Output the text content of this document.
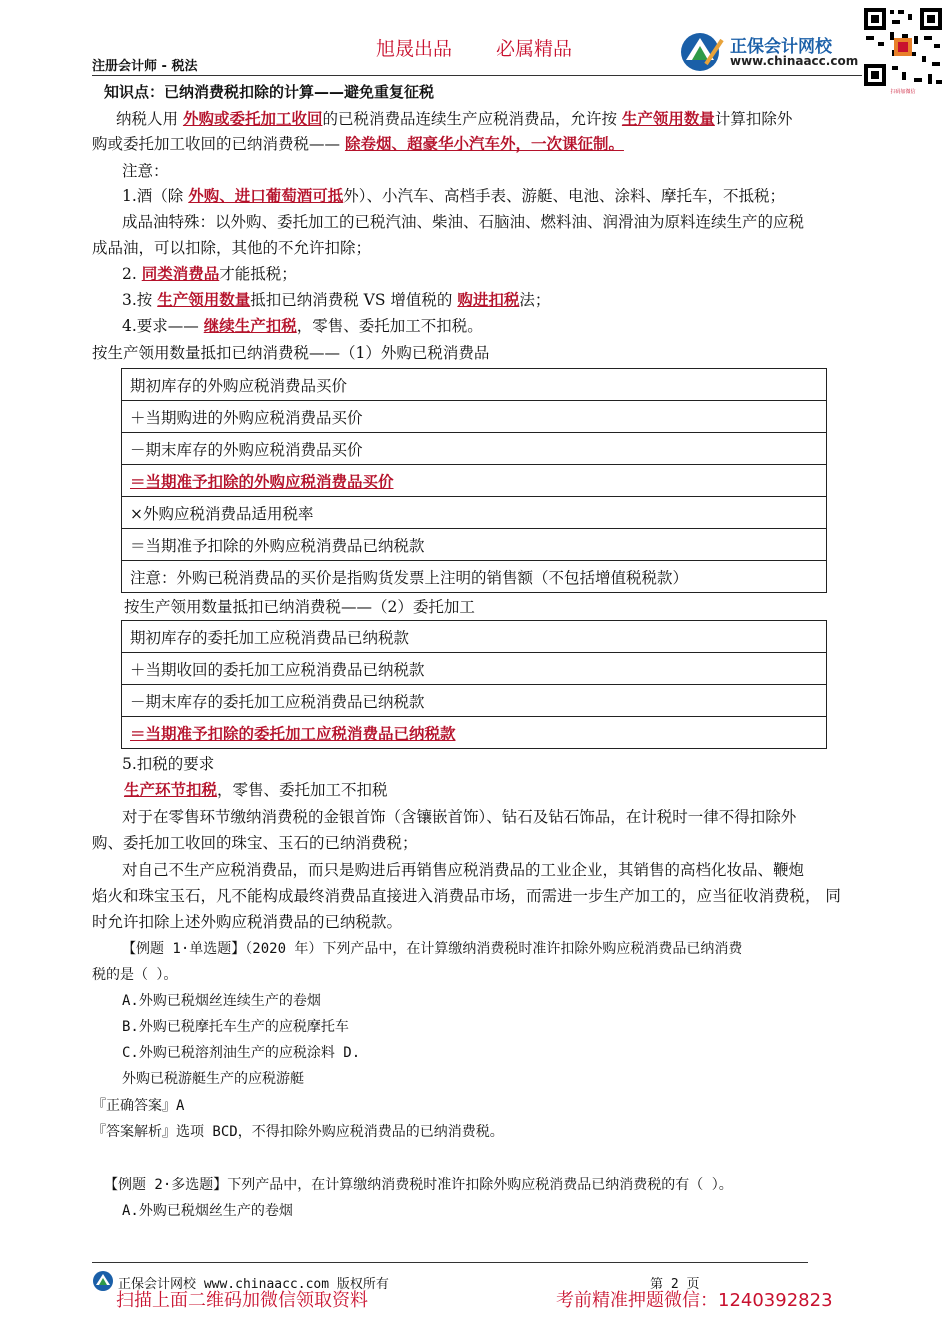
旭晟出品 必属精品
注册会计师 - 税法
正保会计网校
www.chinaacc.com
扫码加微信
知识点：已纳消费税扣除的计算——避免重复征税
纳税人用 外购或委托加工收回的已税消费品连续生产应税消费品，允许按 生产领用数量计算扣除外
购或委托加工收回的已纳消费税—— 除卷烟、超豪华小汽车外，一次课征制。
注意：
1.酒（除 外购、进口葡萄酒可抵外）、小汽车、高档手表、游艇、电池、涂料、摩托车，不抵税；
成品油特殊：以外购、委托加工的已税汽油、柴油、石脑油、燃料油、润滑油为原料连续生产的应税
成品油，可以扣除，其他的不允许扣除；
2. 同类消费品才能抵税；
3.按 生产领用数量抵扣已纳消费税 VS 增值税的 购进扣税法；
4.要求—— 继续生产扣税，零售、委托加工不扣税。
按生产领用数量抵扣已纳消费税——（1）外购已税消费品
期初库存的外购应税消费品买价
＋当期购进的外购应税消费品买价
－期末库存的外购应税消费品买价
＝当期准予扣除的外购应税消费品买价
×外购应税消费品适用税率
＝当期准予扣除的外购应税消费品已纳税款
注意：外购已税消费品的买价是指购货发票上注明的销售额（不包括增值税税款）
按生产领用数量抵扣已纳消费税——（2）委托加工
期初库存的委托加工应税消费品已纳税款
＋当期收回的委托加工应税消费品已纳税款
－期末库存的委托加工应税消费品已纳税款
＝当期准予扣除的委托加工应税消费品已纳税款
5.扣税的要求
生产环节扣税，零售、委托加工不扣税
对于在零售环节缴纳消费税的金银首饰（含镶嵌首饰）、钻石及钻石饰品，在计税时一律不得扣除外
购、委托加工收回的珠宝、玉石的已纳消费税；
对自己不生产应税消费品，而只是购进后再销售应税消费品的工业企业，其销售的高档化妆品、鞭炮
焰火和珠宝玉石，凡不能构成最终消费品直接进入消费品市场，而需进一步生产加工的，应当征收消费税， 同
时允许扣除上述外购应税消费品的已纳税款。
【例题 1·单选题】（2020 年）下列产品中，在计算缴纳消费税时准许扣除外购应税消费品已纳消费
税的是（ ）。
A.外购已税烟丝连续生产的卷烟
B.外购已税摩托车生产的应税摩托车
C.外购已税溶剂油生产的应税涂料 D.
外购已税游艇生产的应税游艇
『正确答案』A
『答案解析』选项 BCD，不得扣除外购应税消费品的已纳消费税。
【例题 2·多选题】下列产品中，在计算缴纳消费税时准许扣除外购应税消费品已纳消费税的有（ ）。
A.外购已税烟丝生产的卷烟
正保会计网校 www.chinaacc.com 版权所有	第 2 页
扫描上面二维码加微信领取资料	考前精准押题微信：1240392823
